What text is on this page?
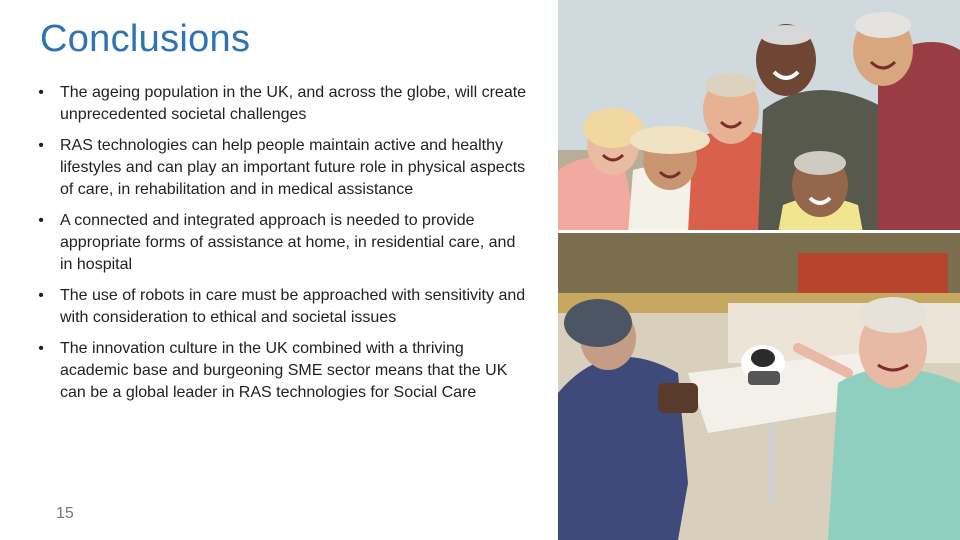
Conclusions
•	The ageing population in the UK, and across the globe, will create unprecedented societal challenges
•	RAS technologies can help people maintain active and healthy lifestyles and can play an important future role in physical aspects of care, in rehabilitation and in medical assistance
•	A connected and integrated approach is needed to provide appropriate forms of assistance at home, in residential care, and in hospital
•	The use of robots in care must be approached with sensitivity and with consideration to ethical and societal issues
•	The innovation culture in the UK combined with a thriving academic base and burgeoning SME sector means that the UK can be a global leader in RAS technologies for Social Care
15
